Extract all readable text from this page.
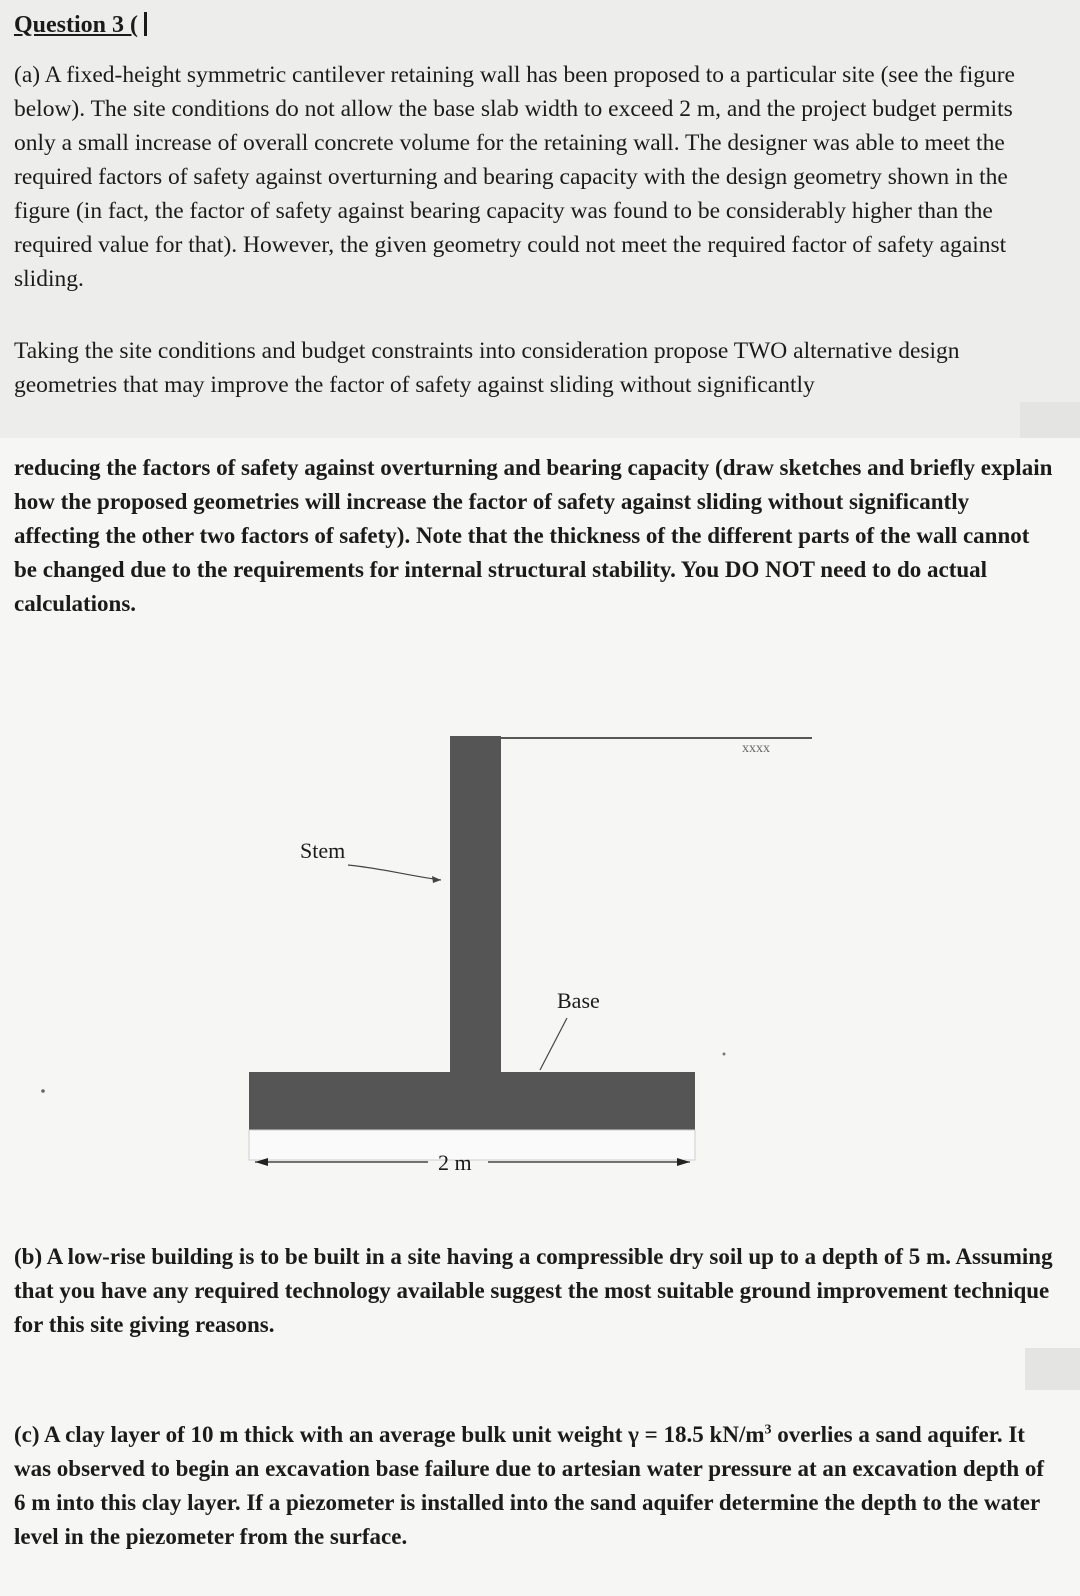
Question 3 (

(a) A fixed-height symmetric cantilever retaining wall has been proposed to a particular site (see the figure below). The site conditions do not allow the base slab width to exceed 2 m, and the project budget permits only a small increase of overall concrete volume for the retaining wall. The designer was able to meet the required factors of safety against overturning and bearing capacity with the design geometry shown in the figure (in fact, the factor of safety against bearing capacity was found to be considerably higher than the required value for that). However, the given geometry could not meet the required factor of safety against sliding.

Taking the site conditions and budget constraints into consideration propose TWO alternative design geometries that may improve the factor of safety against sliding without significantly

reducing the factors of safety against overturning and bearing capacity (draw sketches and briefly explain how the proposed geometries will increase the factor of safety against sliding without significantly affecting the other two factors of safety). Note that the thickness of the different parts of the wall cannot be changed due to the requirements for internal structural stability. You DO NOT need to do actual calculations.

xxxx
2 m
Stem
Base

(b) A low-rise building is to be built in a site having a compressible dry soil up to a depth of 5 m. Assuming that you have any required technology available suggest the most suitable ground improvement technique for this site giving reasons.

(c) A clay layer of 10 m thick with an average bulk unit weight γ = 18.5 $kN/m^3$ overlies a sand aquifer. It was observed to begin an excavation base failure due to artesian water pressure at an excavation depth of 6 m into this clay layer. If a piezometer is installed into the sand aquifer determine the depth to the water level in the piezometer from the surface.
